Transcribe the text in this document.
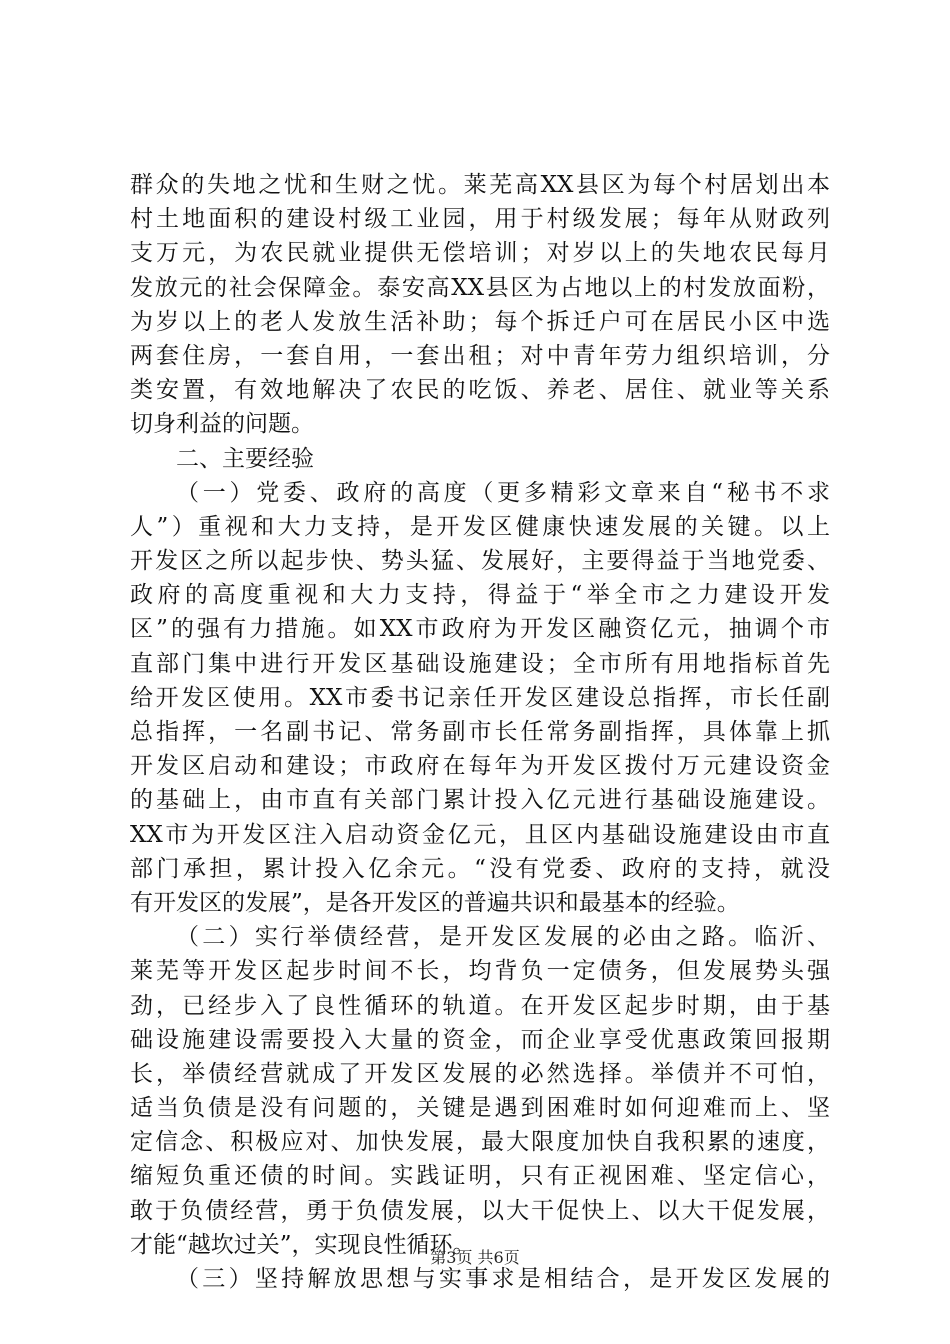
群众的失地之忧和生财之忧。莱芜高XX县区为每个村居划出本
村土地面积的建设村级工业园，用于村级发展；每年从财政列
支万元，为农民就业提供无偿培训；对岁以上的失地农民每月
发放元的社会保障金。泰安高XX县区为占地以上的村发放面粉，
为岁以上的老人发放生活补助；每个拆迁户可在居民小区中选
两套住房，一套自用，一套出租；对中青年劳力组织培训，分
类安置，有效地解决了农民的吃饭、养老、居住、就业等关系
切身利益的问题。
二、主要经验
（一）党委、政府的高度（更多精彩文章来自“秘书不求
人”）重视和大力支持，是开发区健康快速发展的关键。以上
开发区之所以起步快、势头猛、发展好，主要得益于当地党委、
政府的高度重视和大力支持，得益于“举全市之力建设开发
区”的强有力措施。如XX市政府为开发区融资亿元，抽调个市
直部门集中进行开发区基础设施建设；全市所有用地指标首先
给开发区使用。XX市委书记亲任开发区建设总指挥，市长任副
总指挥，一名副书记、常务副市长任常务副指挥，具体靠上抓
开发区启动和建设；市政府在每年为开发区拨付万元建设资金
的基础上，由市直有关部门累计投入亿元进行基础设施建设。
XX市为开发区注入启动资金亿元，且区内基础设施建设由市直
部门承担，累计投入亿余元。“没有党委、政府的支持，就没
有开发区的发展”，是各开发区的普遍共识和最基本的经验。
（二）实行举债经营，是开发区发展的必由之路。临沂、
莱芜等开发区起步时间不长，均背负一定债务，但发展势头强
劲，已经步入了良性循环的轨道。在开发区起步时期，由于基
础设施建设需要投入大量的资金，而企业享受优惠政策回报期
长，举债经营就成了开发区发展的必然选择。举债并不可怕，
适当负债是没有问题的，关键是遇到困难时如何迎难而上、坚
定信念、积极应对、加快发展，最大限度加快自我积累的速度，
缩短负重还债的时间。实践证明，只有正视困难、坚定信心，
敢于负债经营，勇于负债发展，以大干促快上、以大干促发展，
才能“越坎过关”，实现良性循环。
（三）坚持解放思想与实事求是相结合，是开发区发展的
第3页 共6页
